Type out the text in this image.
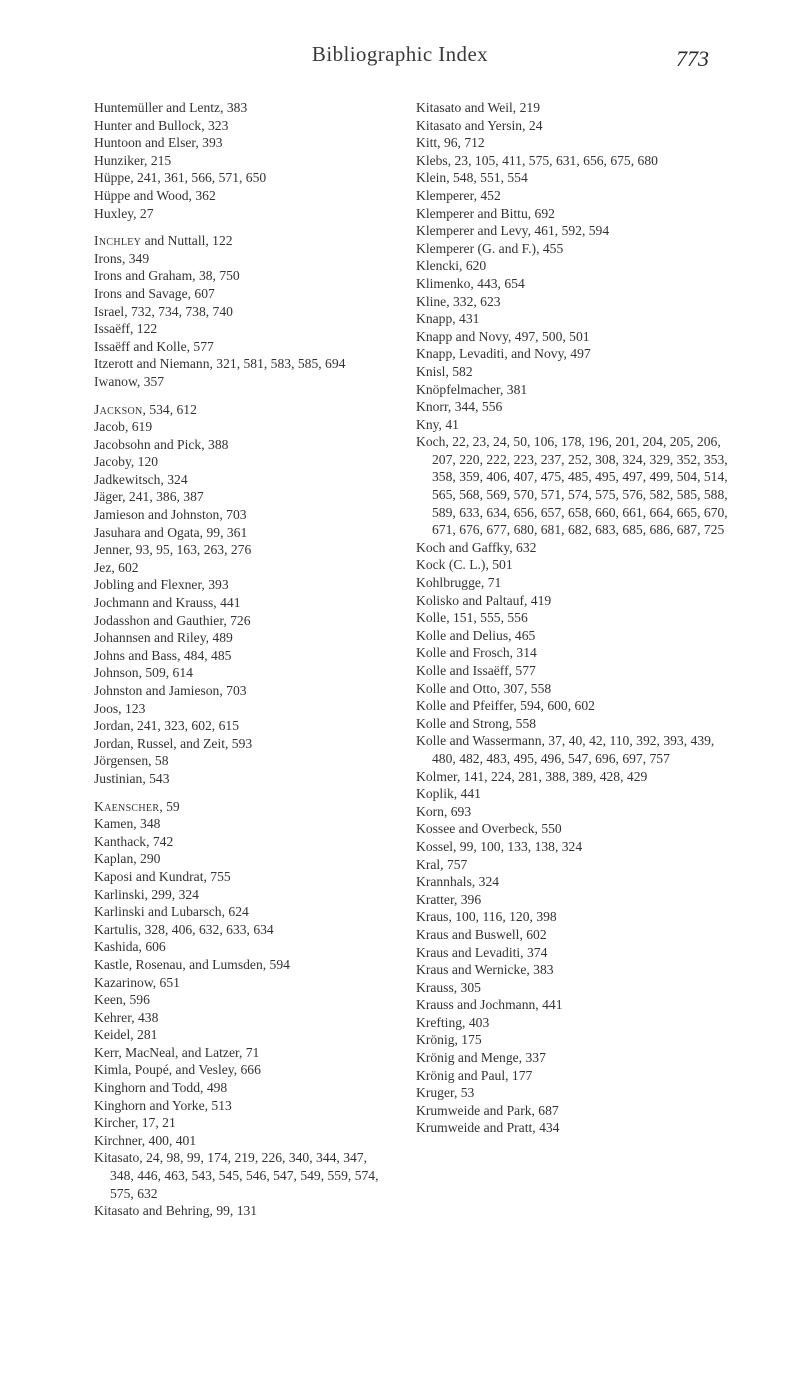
Bibliographic Index	773
Huntemüller and Lentz, 383
Hunter and Bullock, 323
Huntoon and Elser, 393
Hunziker, 215
Hüppe, 241, 361, 566, 571, 650
Hüppe and Wood, 362
Huxley, 27
Inchley and Nuttall, 122
Irons, 349
Irons and Graham, 38, 750
Irons and Savage, 607
Israel, 732, 734, 738, 740
Issaëff, 122
Issaëff and Kolle, 577
Itzerott and Niemann, 321, 581, 583, 585, 694
Iwanow, 357
Jackson, 534, 612
Jacob, 619
Jacobsohn and Pick, 388
Jacoby, 120
Jadkewitsch, 324
Jäger, 241, 386, 387
Jamieson and Johnston, 703
Jasuhara and Ogata, 99, 361
Jenner, 93, 95, 163, 263, 276
Jez, 602
Jobling and Flexner, 393
Jochmann and Krauss, 441
Jodasshon and Gauthier, 726
Johannsen and Riley, 489
Johns and Bass, 484, 485
Johnson, 509, 614
Johnston and Jamieson, 703
Joos, 123
Jordan, 241, 323, 602, 615
Jordan, Russel, and Zeit, 593
Jörgensen, 58
Justinian, 543
Kaenscher, 59
Kamen, 348
Kanthack, 742
Kaplan, 290
Kaposi and Kundrat, 755
Karlinski, 299, 324
Karlinski and Lubarsch, 624
Kartulis, 328, 406, 632, 633, 634
Kashida, 606
Kastle, Rosenau, and Lumsden, 594
Kazarinow, 651
Keen, 596
Kehrer, 438
Keidel, 281
Kerr, MacNeal, and Latzer, 71
Kimla, Poupé, and Vesley, 666
Kinghorn and Todd, 498
Kinghorn and Yorke, 513
Kircher, 17, 21
Kirchner, 400, 401
Kitasato, 24, 98, 99, 174, 219, 226, 340, 344, 347, 348, 446, 463, 543, 545, 546, 547, 549, 559, 574, 575, 632
Kitasato and Behring, 99, 131
Kitasato and Weil, 219
Kitasato and Yersin, 24
Kitt, 96, 712
Klebs, 23, 105, 411, 575, 631, 656, 675, 680
Klein, 548, 551, 554
Klemperer, 452
Klemperer and Bittu, 692
Klemperer and Levy, 461, 592, 594
Klemperer (G. and F.), 455
Klencki, 620
Klimenko, 443, 654
Kline, 332, 623
Knapp, 431
Knapp and Novy, 497, 500, 501
Knapp, Levaditi, and Novy, 497
Knisl, 582
Knöpfelmacher, 381
Knorr, 344, 556
Kny, 41
Koch, 22, 23, 24, 50, 106, 178, 196, 201, 204, 205, 206, 207, 220, 222, 223, 237, 252, 308, 324, 329, 352, 353, 358, 359, 406, 407, 475, 485, 495, 497, 499, 504, 514, 565, 568, 569, 570, 571, 574, 575, 576, 582, 585, 588, 589, 633, 634, 656, 657, 658, 660, 661, 664, 665, 670, 671, 676, 677, 680, 681, 682, 683, 685, 686, 687, 725
Koch and Gaffky, 632
Kock (C. L.), 501
Kohlbrugge, 71
Kolisko and Paltauf, 419
Kolle, 151, 555, 556
Kolle and Delius, 465
Kolle and Frosch, 314
Kolle and Issaëff, 577
Kolle and Otto, 307, 558
Kolle and Pfeiffer, 594, 600, 602
Kolle and Strong, 558
Kolle and Wassermann, 37, 40, 42, 110, 392, 393, 439, 480, 482, 483, 495, 496, 547, 696, 697, 757
Kolmer, 141, 224, 281, 388, 389, 428, 429
Koplik, 441
Korn, 693
Kossee and Overbeck, 550
Kossel, 99, 100, 133, 138, 324
Kral, 757
Krannhals, 324
Kratter, 396
Kraus, 100, 116, 120, 398
Kraus and Buswell, 602
Kraus and Levaditi, 374
Kraus and Wernicke, 383
Krauss, 305
Krauss and Jochmann, 441
Krefting, 403
Krönig, 175
Krönig and Menge, 337
Krönig and Paul, 177
Kruger, 53
Krumweide and Park, 687
Krumweide and Pratt, 434
